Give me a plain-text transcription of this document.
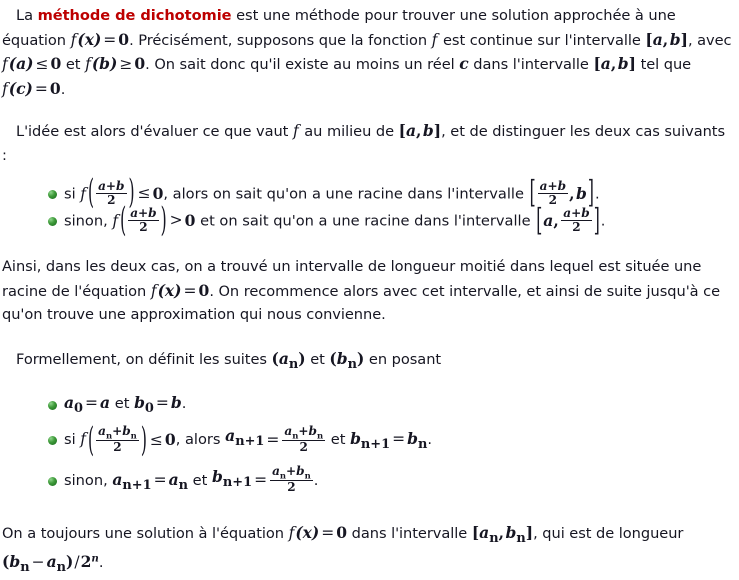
La méthode de dichotomie est une méthode pour trouver une solution approchée à une équation f(x) = 0. Précisément, supposons que la fonction f est continue sur l'intervalle [a, b], avec f(a) ≤ 0 et f(b) ≥ 0. On sait donc qu'il existe au moins un réel c dans l'intervalle [a, b] tel que f(c) = 0.

L'idée est alors d'évaluer ce que vaut f au milieu de [a, b], et de distinguer les deux cas suivants :

si f ( $\frac{a+b}{2}$ ) ≤ 0, alors on sait qu'on a une racine dans l'intervalle [ $\frac{a+b}{2}$ , b].
sinon, f ( $\frac{a+b}{2}$ ) > 0 et on sait qu'on a une racine dans l'intervalle [a,  $\frac{a+b}{2}$ ].

Ainsi, dans les deux cas, on a trouvé un intervalle de longueur moitié dans lequel est située une racine de l'équation f(x) = 0. On recommence alors avec cet intervalle, et ainsi de suite jusqu'à ce qu'on trouve une approximation qui nous convienne.

Formellement, on définit les suites $(a_n)$ et $(b_n)$ en posant

$a_0 = a$ et $b_0 = b$.
si f ( $\frac{a_n+b_n}{2}$ ) ≤ 0, alors $a_{n+1} = \frac{a_n+b_n}{2}$ et $b_{n+1} = b_n$.
sinon, $a_{n+1} = a_n$ et $b_{n+1} = \frac{a_n+b_n}{2}$ .

On a toujours une solution à l'équation f(x) = 0 dans l'intervalle [$a_n$, $b_n$], qui est de longueur $(b_n - a_n)/2^n$.
